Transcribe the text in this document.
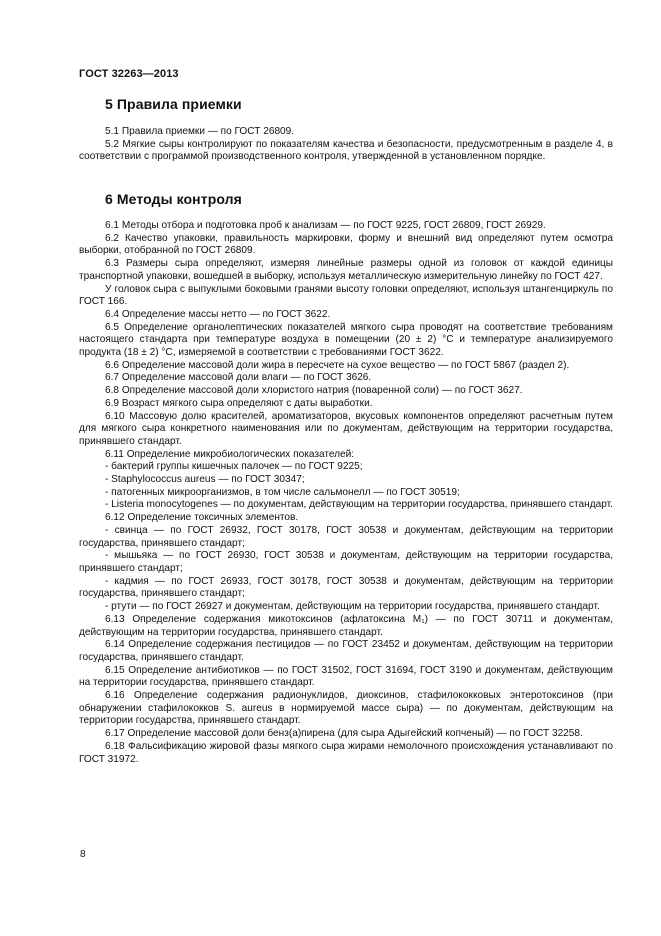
ГОСТ 32263—2013
5 Правила приемки

5.1 Правила приемки — по ГОСТ 26809.

5.2 Мягкие сыры контролируют по показателям качества и безопасности, предусмотренным в разделе 4, в соответствии с программой производственного контроля, утвержденной в установленном порядке.

6 Методы контроля

6.1 Методы отбора и подготовка проб к анализам — по ГОСТ 9225, ГОСТ 26809, ГОСТ 26929.

6.2 Качество упаковки, правильность маркировки, форму и внешний вид определяют путем осмотра выборки, отобранной по ГОСТ 26809.

6.3 Размеры сыра определяют, измеряя линейные размеры одной из головок от каждой единицы транспортной упаковки, вошедшей в выборку, используя металлическую измерительную линейку по ГОСТ 427.

У головок сыра с выпуклыми боковыми гранями высоту головки определяют, используя штангенциркуль по ГОСТ 166.

6.4 Определение массы нетто — по ГОСТ 3622.

6.5 Определение органолептических показателей мягкого сыра проводят на соответствие требованиям настоящего стандарта при температуре воздуха в помещении (20 ± 2) °С и температуре анализируемого продукта (18 ± 2) °С, измеряемой в соответствии с требованиями ГОСТ 3622.

6.6 Определение массовой доли жира в пересчете на сухое вещество — по ГОСТ 5867 (раздел 2).

6.7 Определение массовой доли влаги — по ГОСТ 3626.

6.8 Определение массовой доли хлористого натрия (поваренной соли) — по ГОСТ 3627.

6.9 Возраст мягкого сыра определяют с даты выработки.

6.10 Массовую долю красителей, ароматизаторов, вкусовых компонентов определяют расчетным путем для мягкого сыра конкретного наименования или по документам, действующим на территории государства, принявшего стандарт.

6.11 Определение микробиологических показателей:

- бактерий группы кишечных палочек — по ГОСТ 9225;

- Staphylococcus aureus — по ГОСТ 30347;

- патогенных микроорганизмов, в том числе сальмонелл — по ГОСТ 30519;

- Listeria monocytogenes — по документам, действующим на территории государства, принявшего стандарт.

6.12 Определение токсичных элементов.

- свинца — по ГОСТ 26932, ГОСТ 30178, ГОСТ 30538 и документам, действующим на территории государства, принявшего стандарт;

- мышьяка — по ГОСТ 26930, ГОСТ 30538 и документам, действующим на территории государства, принявшего стандарт;

- кадмия — по ГОСТ 26933, ГОСТ 30178, ГОСТ 30538 и документам, действующим на территории государства, принявшего стандарт;

- ртути — по ГОСТ 26927 и документам, действующим на территории государства, принявшего стандарт.

6.13 Определение содержания микотоксинов (афлатоксина M₁) — по ГОСТ 30711 и документам, действующим на территории государства, принявшего стандарт.

6.14 Определение содержания пестицидов — по ГОСТ 23452 и документам, действующим на территории государства, принявшего стандарт.

6.15 Определение антибиотиков — по ГОСТ 31502, ГОСТ 31694, ГОСТ 3190 и документам, действующим на территории государства, принявшего стандарт.

6.16 Определение содержания радионуклидов, диоксинов, стафилококковых энтеротоксинов (при обнаружении стафилококков S. aureus в нормируемой массе сыра) — по документам, действующим на территории государства, принявшего стандарт.

6.17 Определение массовой доли бенз(а)пирена (для сыра Адыгейский копченый) — по ГОСТ 32258.

6.18 Фальсификацию жировой фазы мягкого сыра жирами немолочного происхождения устанавливают по ГОСТ 31972.

8
